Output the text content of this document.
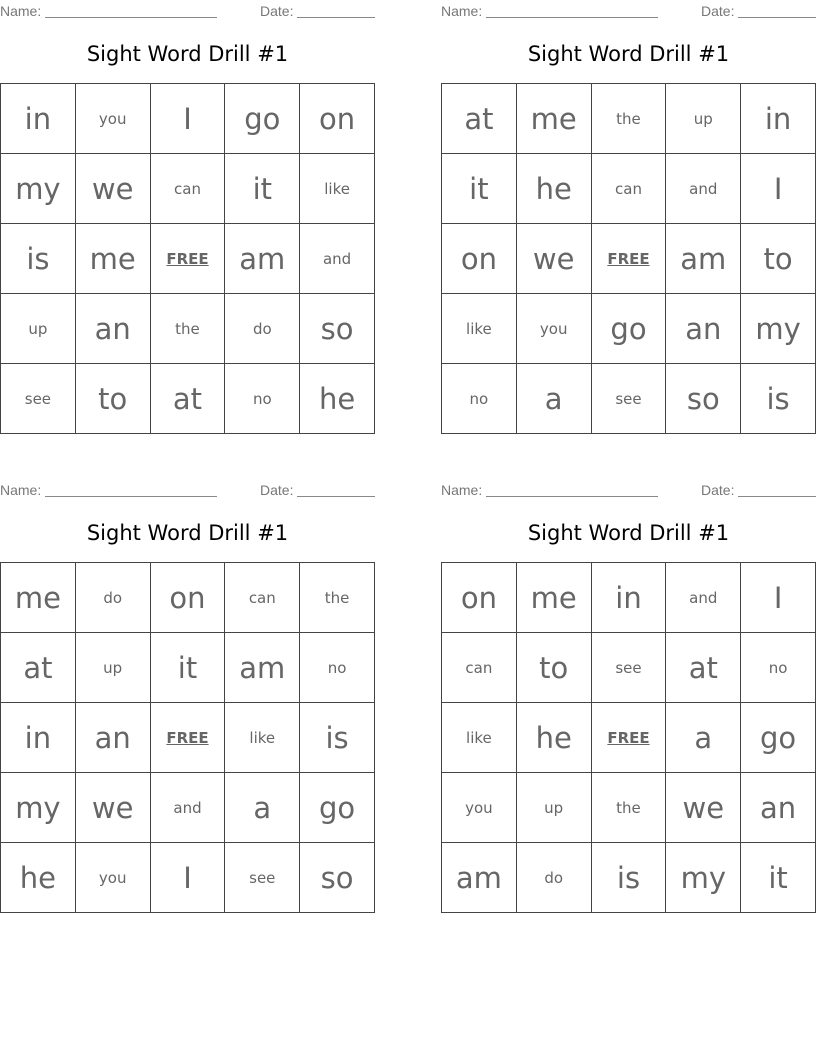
Name:	Date:
Sight Word Drill #1
in	you	I	go	on
my	we	can	it	like
is	me	FREE	am	and
up	an	the	do	so
see	to	at	no	he
Name:	Date:
Sight Word Drill #1
at	me	the	up	in
it	he	can	and	I
on	we	FREE	am	to
like	you	go	an	my
no	a	see	so	is
Name:	Date:
Sight Word Drill #1
me	do	on	can	the
at	up	it	am	no
in	an	FREE	like	is
my	we	and	a	go
he	you	I	see	so
Name:	Date:
Sight Word Drill #1
on	me	in	and	I
can	to	see	at	no
like	he	FREE	a	go
you	up	the	we	an
am	do	is	my	it
